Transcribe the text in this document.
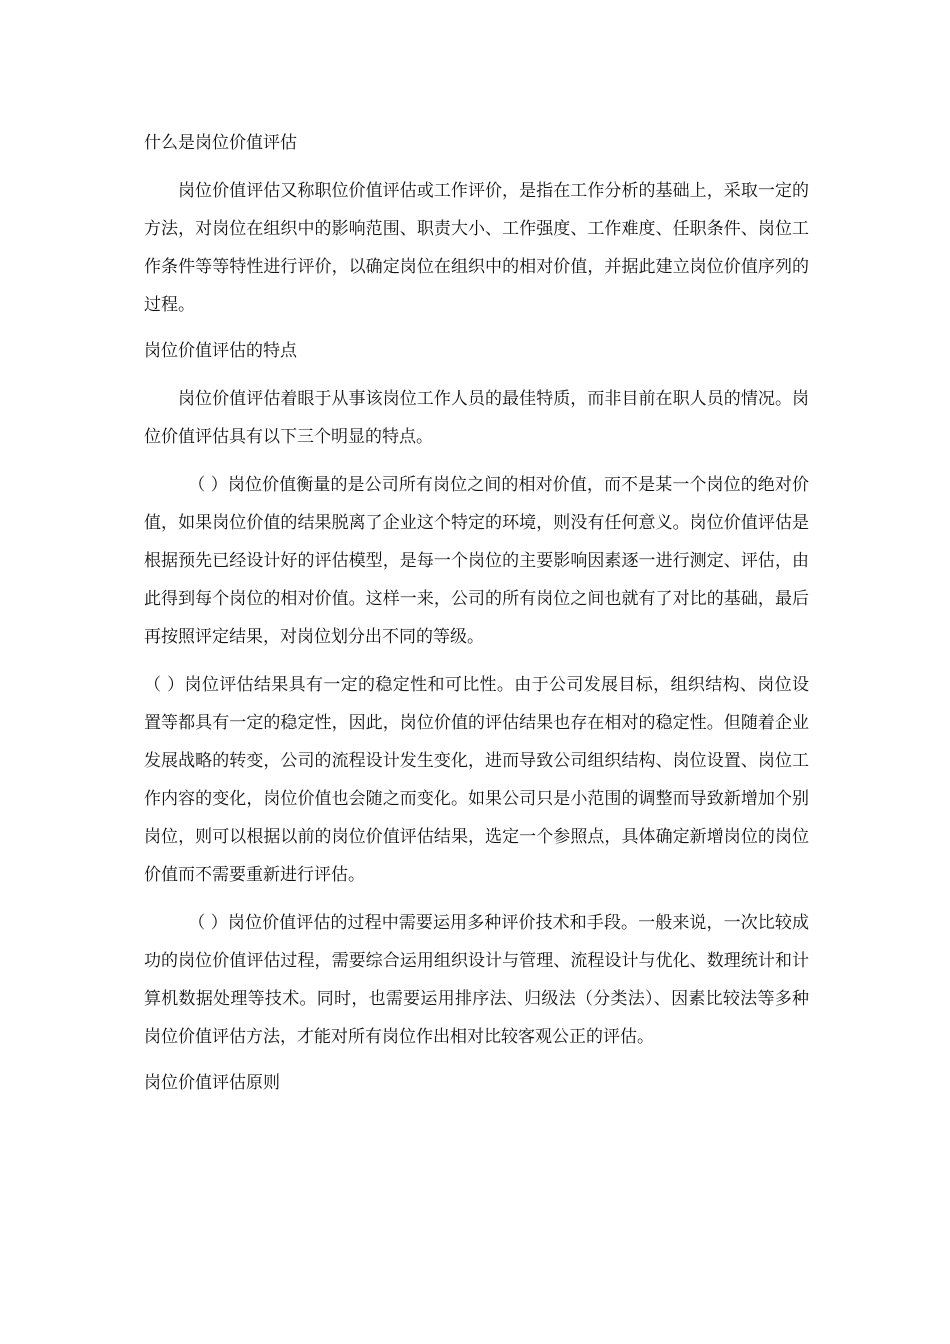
什么是岗位价值评估

岗位价值评估又称职位价值评估或工作评价，是指在工作分析的基础上，采取一定的方法，对岗位在组织中的影响范围、职责大小、工作强度、工作难度、任职条件、岗位工作条件等等特性进行评价，以确定岗位在组织中的相对价值，并据此建立岗位价值序列的过程。

岗位价值评估的特点

岗位价值评估着眼于从事该岗位工作人员的最佳特质，而非目前在职人员的情况。岗位价值评估具有以下三个明显的特点。

（ ）岗位价值衡量的是公司所有岗位之间的相对价值，而不是某一个岗位的绝对价值，如果岗位价值的结果脱离了企业这个特定的环境，则没有任何意义。岗位价值评估是根据预先已经设计好的评估模型，是每一个岗位的主要影响因素逐一进行测定、评估，由此得到每个岗位的相对价值。这样一来，公司的所有岗位之间也就有了对比的基础，最后再按照评定结果，对岗位划分出不同的等级。

（ ）岗位评估结果具有一定的稳定性和可比性。由于公司发展目标，组织结构、岗位设置等都具有一定的稳定性，因此，岗位价值的评估结果也存在相对的稳定性。但随着企业发展战略的转变，公司的流程设计发生变化，进而导致公司组织结构、岗位设置、岗位工作内容的变化，岗位价值也会随之而变化。如果公司只是小范围的调整而导致新增加个别岗位，则可以根据以前的岗位价值评估结果，选定一个参照点，具体确定新增岗位的岗位价值而不需要重新进行评估。

（ ）岗位价值评估的过程中需要运用多种评价技术和手段。一般来说，一次比较成功的岗位价值评估过程，需要综合运用组织设计与管理、流程设计与优化、数理统计和计算机数据处理等技术。同时，也需要运用排序法、归级法（分类法）、因素比较法等多种岗位价值评估方法，才能对所有岗位作出相对比较客观公正的评估。

岗位价值评估原则
